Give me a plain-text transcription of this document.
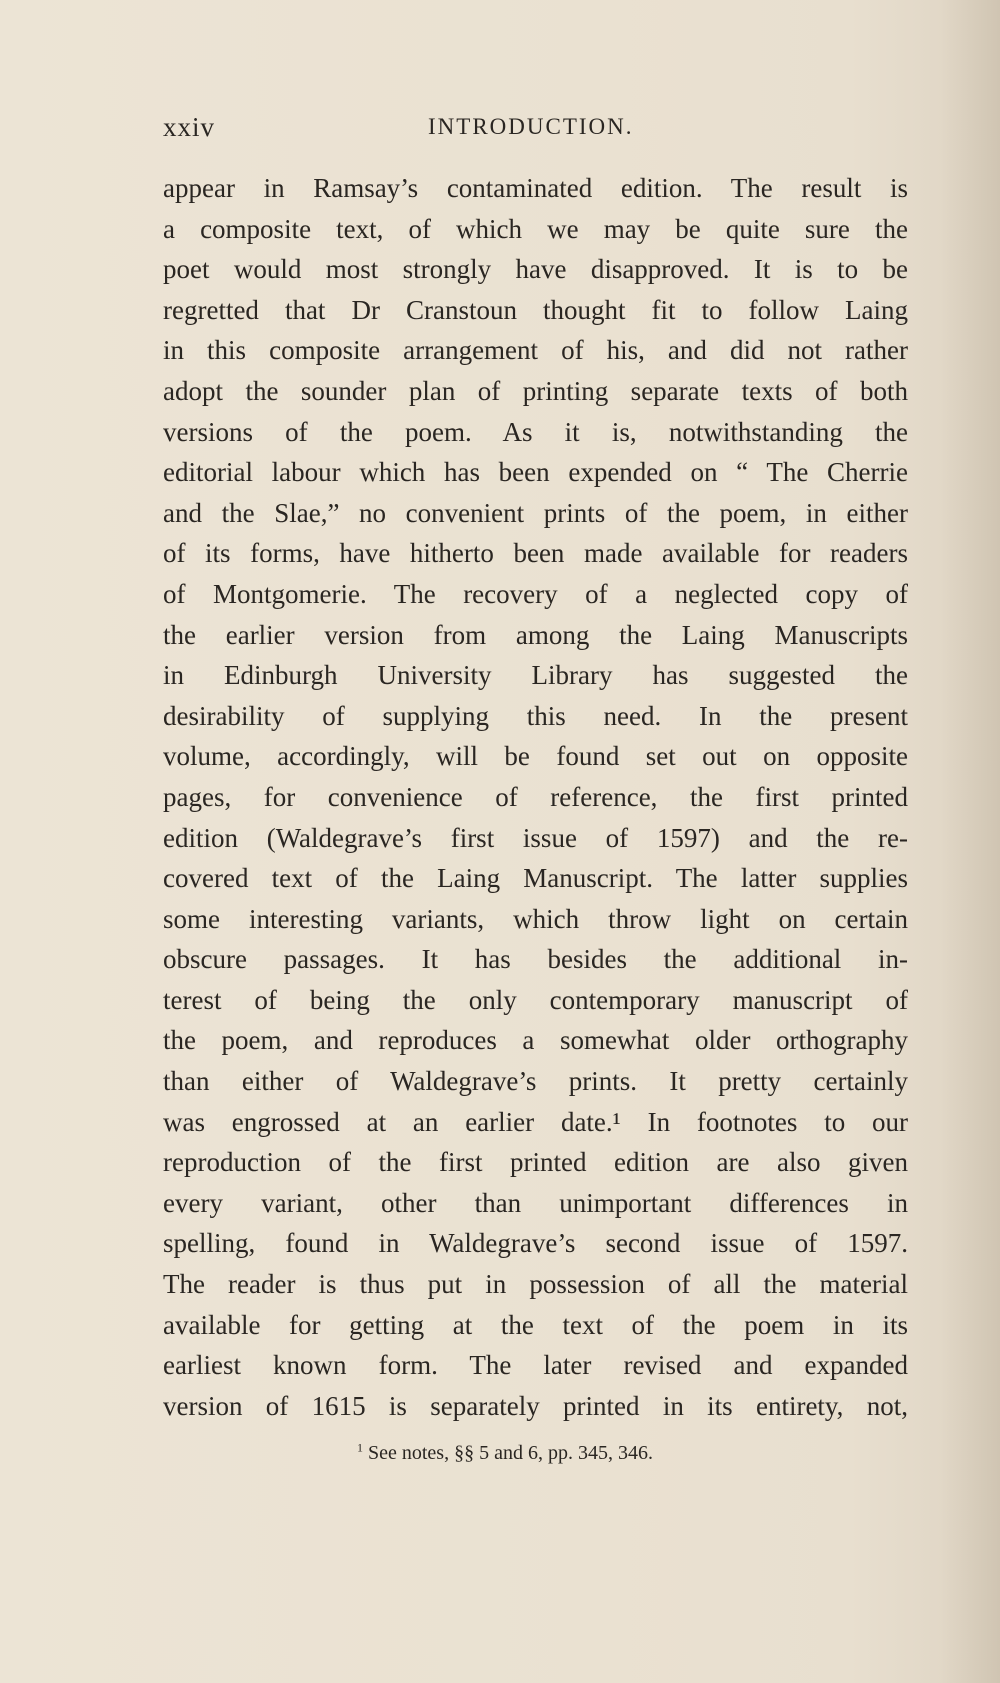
xxiv	INTRODUCTION.
appear in Ramsay’s contaminated edition. The result is
a composite text, of which we may be quite sure the
poet would most strongly have disapproved. It is to be
regretted that Dr Cranstoun thought fit to follow Laing
in this composite arrangement of his, and did not rather
adopt the sounder plan of printing separate texts of both
versions of the poem. As it is, notwithstanding the
editorial labour which has been expended on “ The Cherrie
and the Slae,” no convenient prints of the poem, in either
of its forms, have hitherto been made available for readers
of Montgomerie. The recovery of a neglected copy of
the earlier version from among the Laing Manuscripts
in Edinburgh University Library has suggested the
desirability of supplying this need. In the present
volume, accordingly, will be found set out on opposite
pages, for convenience of reference, the first printed
edition (Waldegrave’s first issue of 1597) and the re-
covered text of the Laing Manuscript. The latter supplies
some interesting variants, which throw light on certain
obscure passages. It has besides the additional in-
terest of being the only contemporary manuscript of
the poem, and reproduces a somewhat older orthography
than either of Waldegrave’s prints. It pretty certainly
was engrossed at an earlier date.¹ In footnotes to our
reproduction of the first printed edition are also given
every variant, other than unimportant differences in
spelling, found in Waldegrave’s second issue of 1597.
The reader is thus put in possession of all the material
available for getting at the text of the poem in its
earliest known form. The later revised and expanded
version of 1615 is separately printed in its entirety, not,
$^1$ See notes, §§ 5 and 6, pp. 345, 346.
